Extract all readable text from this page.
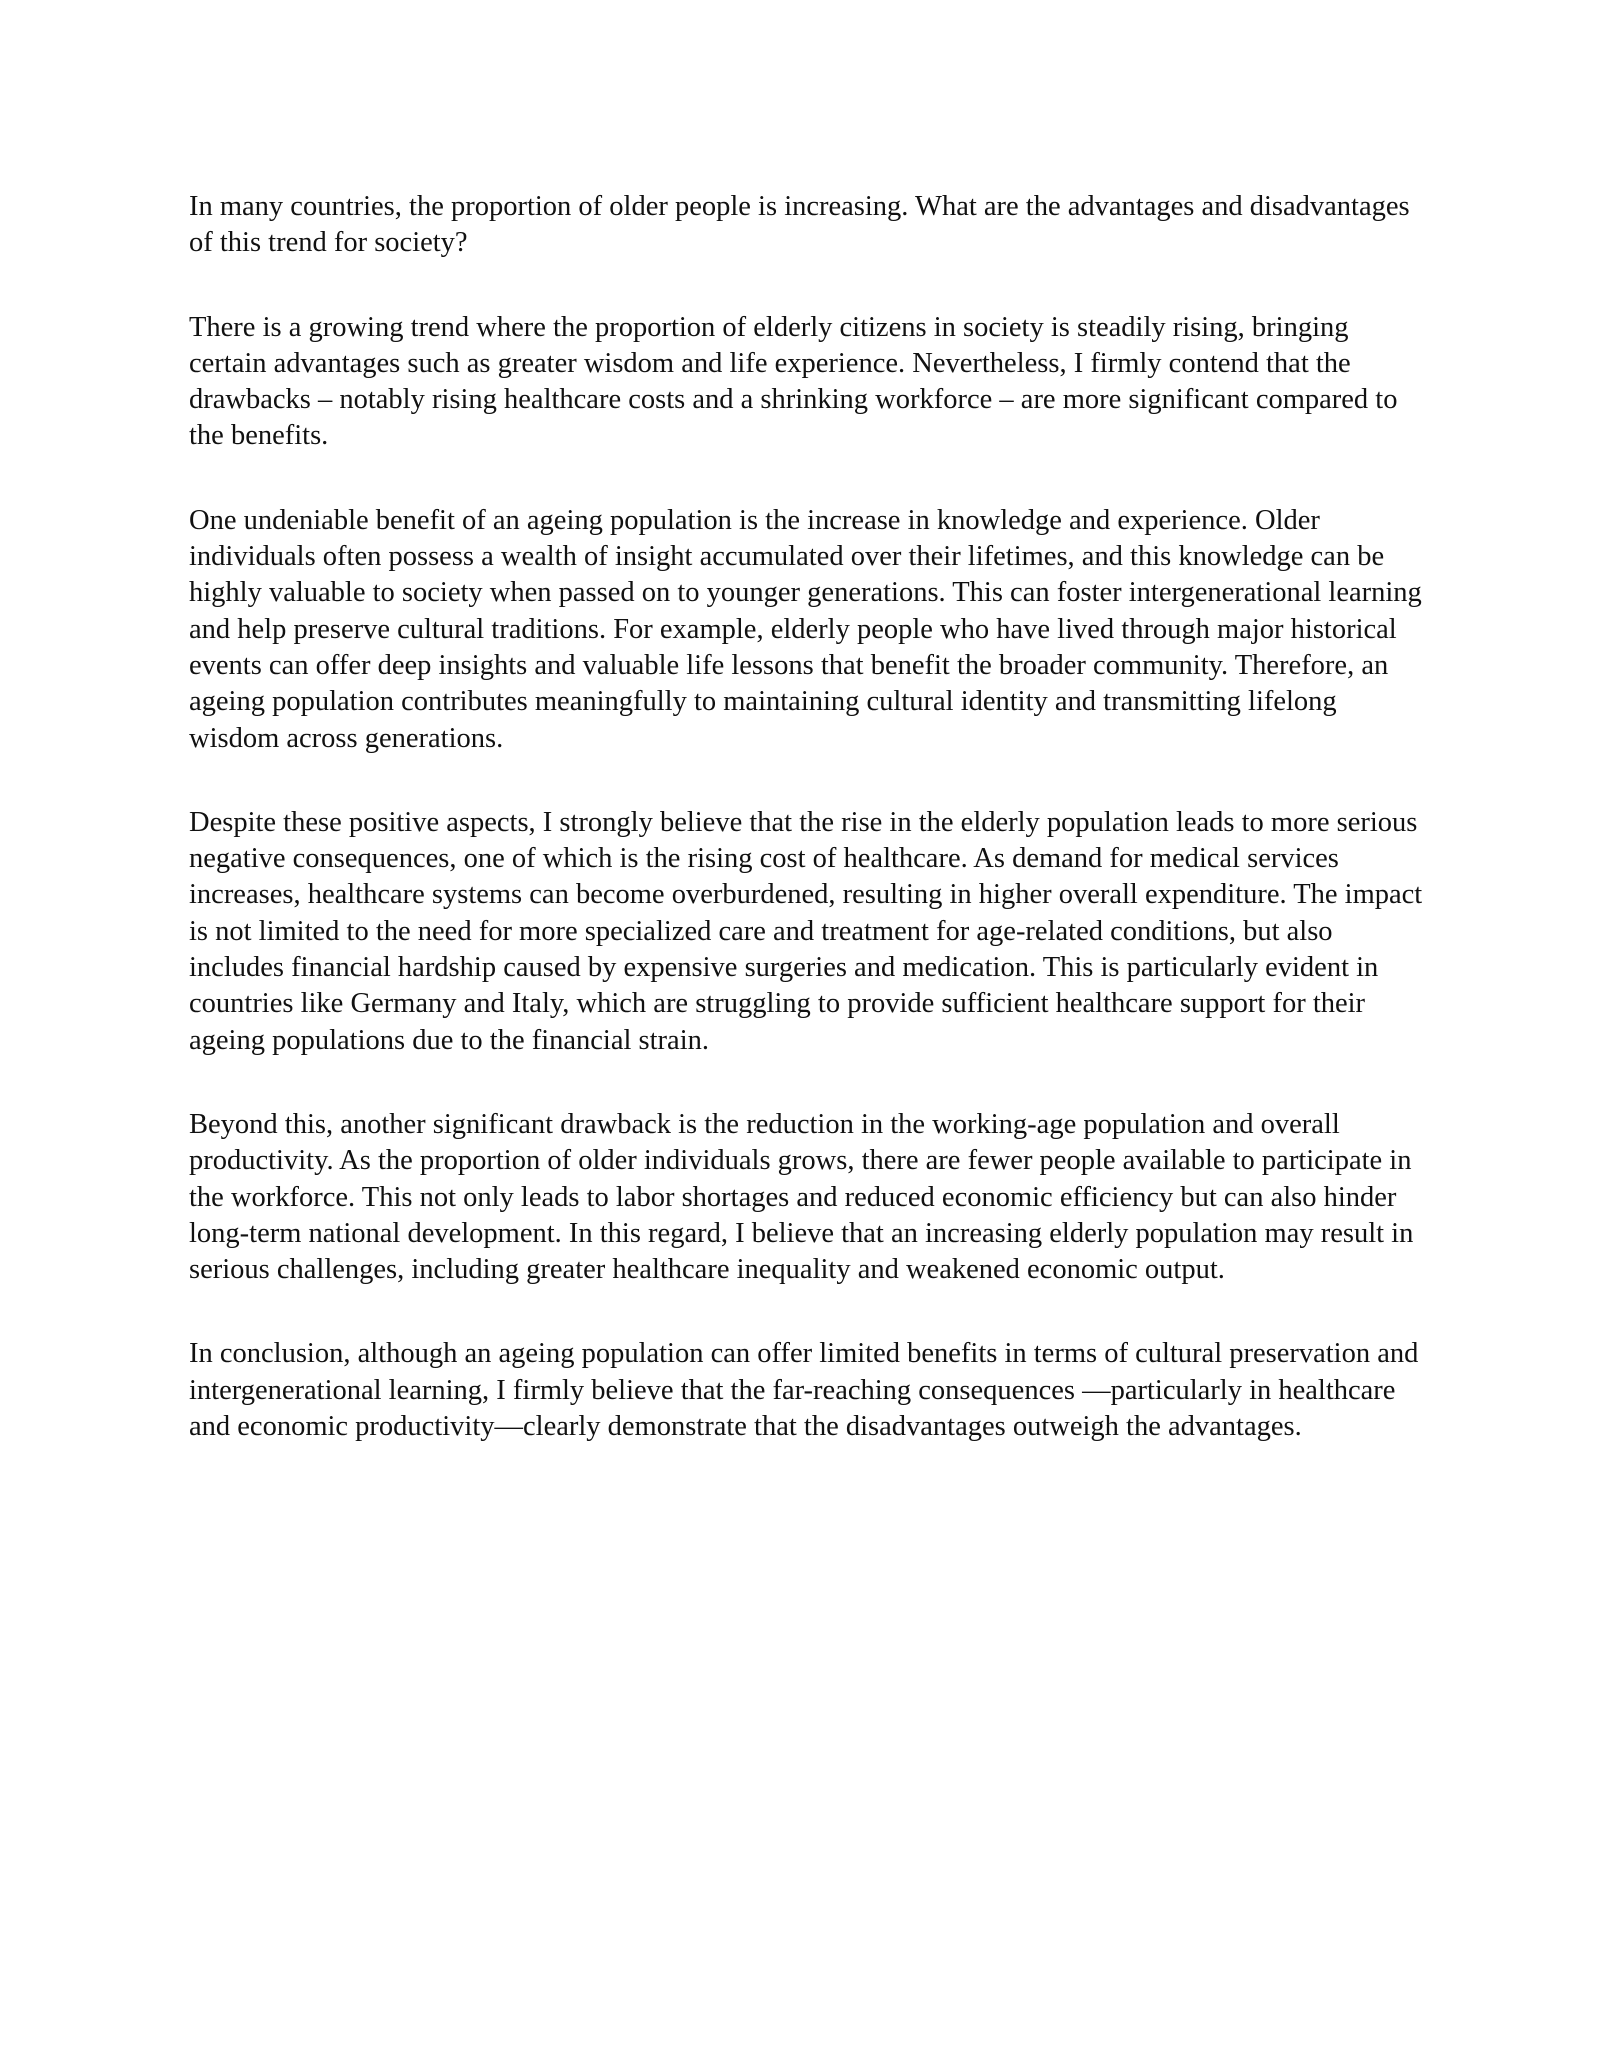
In many countries, the proportion of older people is increasing. What are the advantages and disadvantages of this trend for society?

There is a growing trend where the proportion of elderly citizens in society is steadily rising, bringing certain advantages such as greater wisdom and life experience. Nevertheless, I firmly contend that the drawbacks – notably rising healthcare costs and a shrinking workforce – are more significant compared to the benefits.

One undeniable benefit of an ageing population is the increase in knowledge and experience. Older individuals often possess a wealth of insight accumulated over their lifetimes, and this knowledge can be highly valuable to society when passed on to younger generations. This can foster intergenerational learning and help preserve cultural traditions. For example, elderly people who have lived through major historical events can offer deep insights and valuable life lessons that benefit the broader community. Therefore, an ageing population contributes meaningfully to maintaining cultural identity and transmitting lifelong wisdom across generations.

Despite these positive aspects, I strongly believe that the rise in the elderly population leads to more serious negative consequences, one of which is the rising cost of healthcare. As demand for medical services increases, healthcare systems can become overburdened, resulting in higher overall expenditure. The impact is not limited to the need for more specialized care and treatment for age-related conditions, but also includes financial hardship caused by expensive surgeries and medication. This is particularly evident in countries like Germany and Italy, which are struggling to provide sufficient healthcare support for their ageing populations due to the financial strain.

Beyond this, another significant drawback is the reduction in the working-age population and overall productivity. As the proportion of older individuals grows, there are fewer people available to participate in the workforce. This not only leads to labor shortages and reduced economic efficiency but can also hinder long-term national development. In this regard, I believe that an increasing elderly population may result in serious challenges, including greater healthcare inequality and weakened economic output.

In conclusion, although an ageing population can offer limited benefits in terms of cultural preservation and intergenerational learning, I firmly believe that the far-reaching consequences —particularly in healthcare and economic productivity—clearly demonstrate that the disadvantages outweigh the advantages.
